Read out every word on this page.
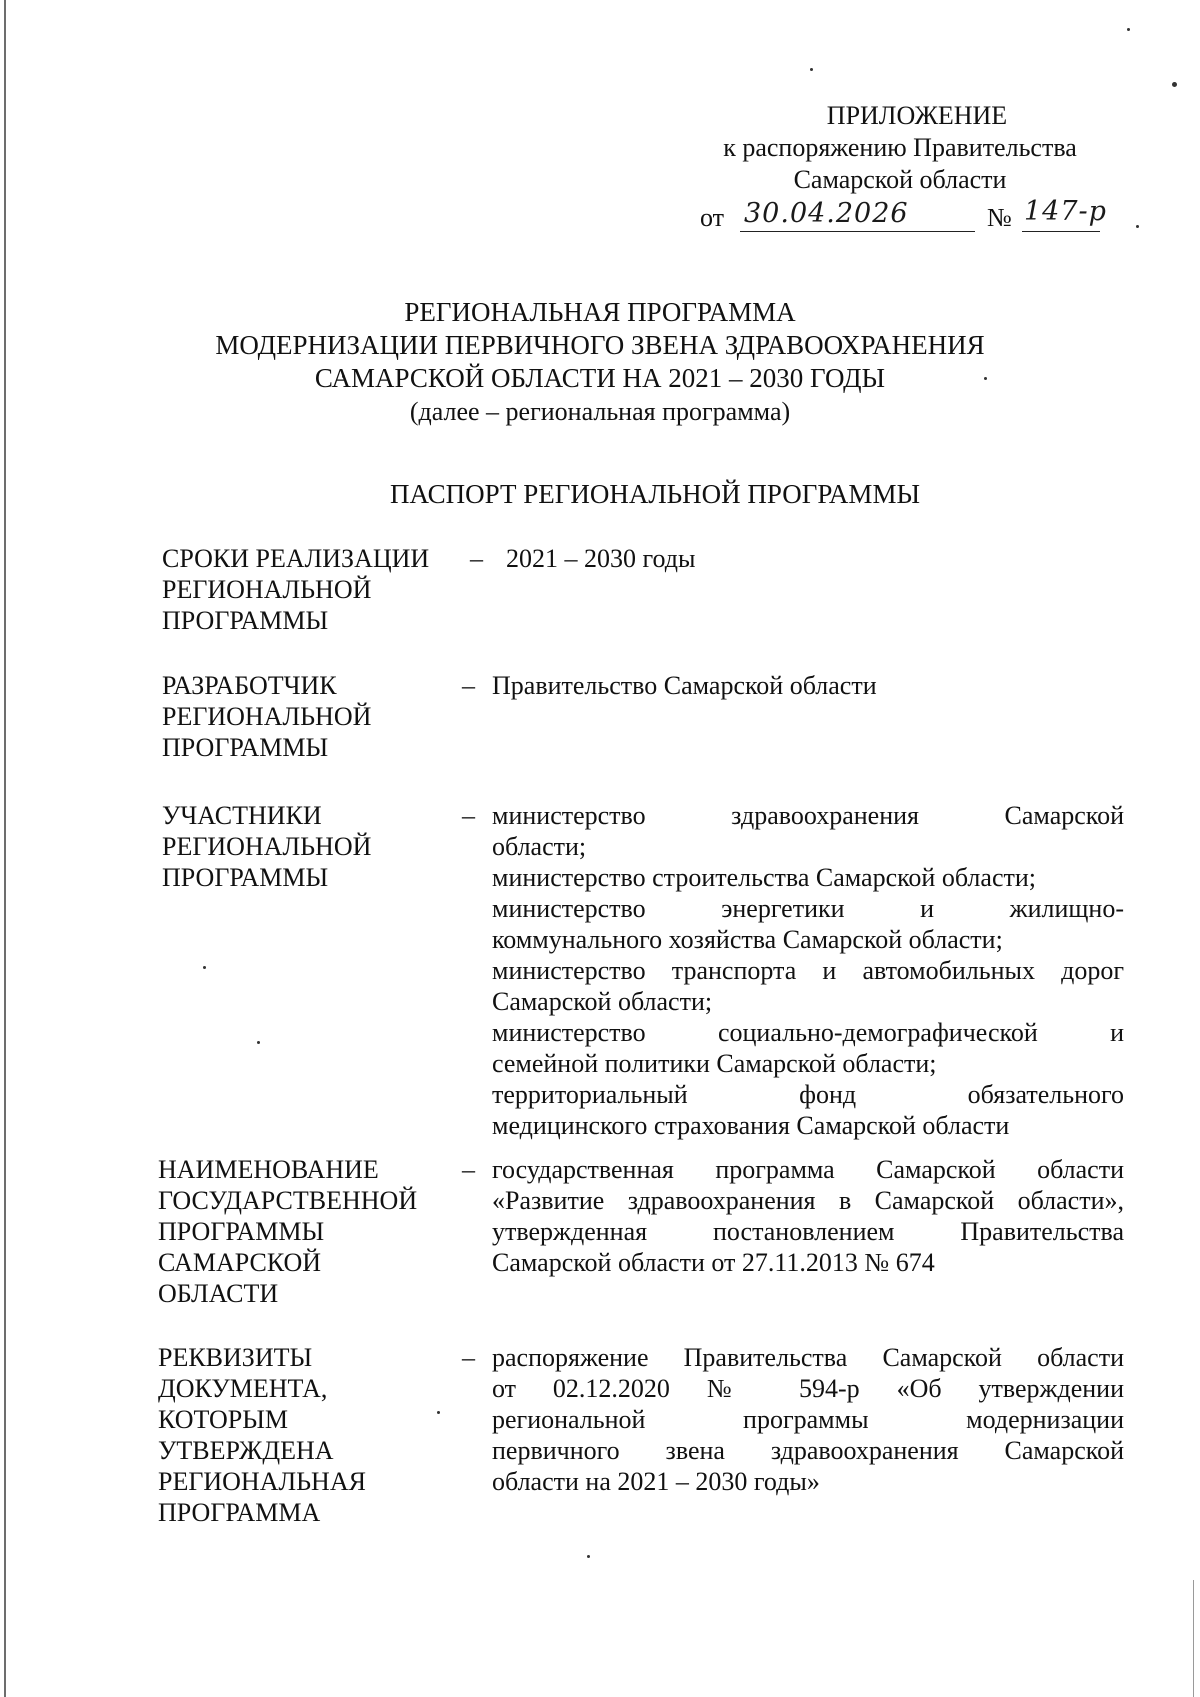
ПРИЛОЖЕНИЕ
к распоряжению Правительства
Самарской области
от 30.04.2026	№ 147-р
РЕГИОНАЛЬНАЯ ПРОГРАММА
МОДЕРНИЗАЦИИ ПЕРВИЧНОГО ЗВЕНА ЗДРАВООХРАНЕНИЯ
САМАРСКОЙ ОБЛАСТИ НА 2021 – 2030 ГОДЫ
(далее – региональная программа)
ПАСПОРТ РЕГИОНАЛЬНОЙ ПРОГРАММЫ
СРОКИ РЕАЛИЗАЦИИ
РЕГИОНАЛЬНОЙ
ПРОГРАММЫ
– 2021 – 2030 годы
РАЗРАБОТЧИК
РЕГИОНАЛЬНОЙ
ПРОГРАММЫ
– Правительство Самарской области
УЧАСТНИКИ
РЕГИОНАЛЬНОЙ
ПРОГРАММЫ
– министерство здравоохранения Самарской
области;
министерство строительства Самарской области;
министерство энергетики и жилищно-
коммунального хозяйства Самарской области;
министерство транспорта и автомобильных дорог
Самарской области;
министерство социально-демографической и
семейной политики Самарской области;
территориальный фонд обязательного
медицинского страхования Самарской области
НАИМЕНОВАНИЕ
ГОСУДАРСТВЕННОЙ
ПРОГРАММЫ
САМАРСКОЙ
ОБЛАСТИ
– государственная программа Самарской области
«Развитие здравоохранения в Самарской области»,
утвержденная постановлением Правительства
Самарской области от 27.11.2013 № 674
РЕКВИЗИТЫ
ДОКУМЕНТА,
КОТОРЫМ
УТВЕРЖДЕНА
РЕГИОНАЛЬНАЯ
ПРОГРАММА
– распоряжение Правительства Самарской области
от 02.12.2020 № 594-р «Об утверждении
региональной программы модернизации
первичного звена здравоохранения Самарской
области на 2021 – 2030 годы»
